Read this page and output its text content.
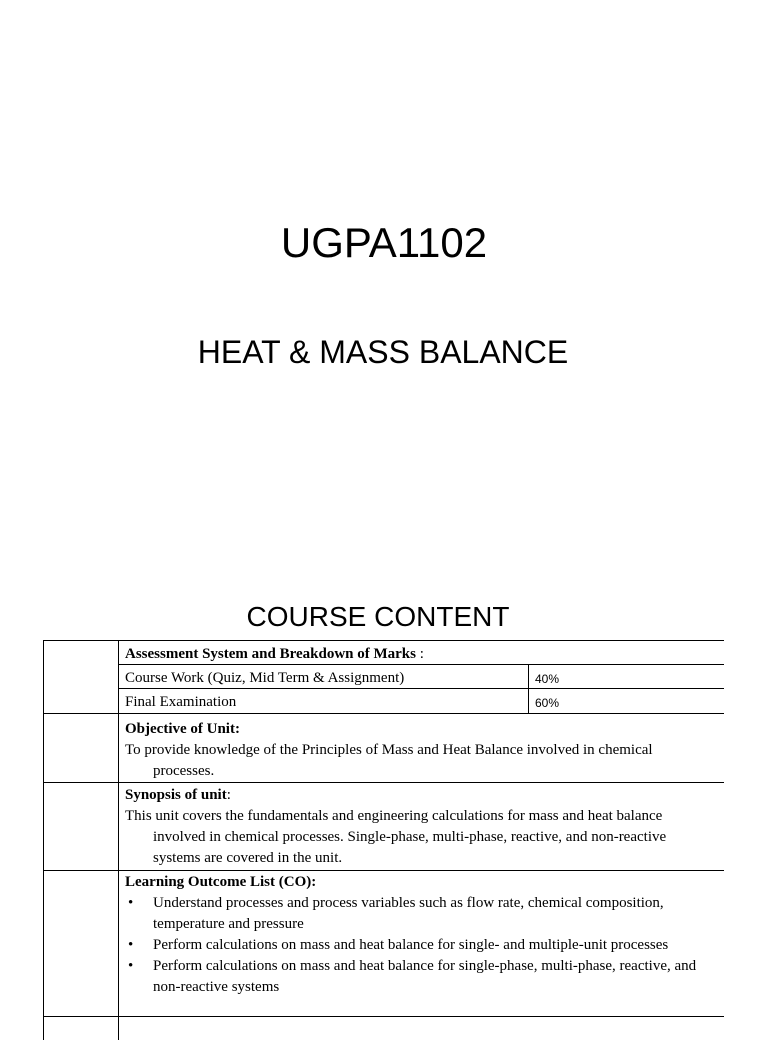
UGPA1102
HEAT & MASS BALANCE
COURSE CONTENT
Assessment System and Breakdown of Marks :
Course Work (Quiz, Mid Term & Assignment)	40%
Final Examination	60%
Objective of Unit:

To provide knowledge of the Principles of Mass and Heat Balance involved in chemical processes.

Synopsis of unit:

This unit covers the fundamentals and engineering calculations for mass and heat balance involved in chemical processes. Single-phase, multi-phase, reactive, and non-reactive systems are covered in the unit.

Learning Outcome List (CO):
• Understand processes and process variables such as flow rate, chemical composition, temperature and pressure
• Perform calculations on mass and heat balance for single- and multiple-unit processes
• Perform calculations on mass and heat balance for single-phase, multi-phase, reactive, and non-reactive systems
